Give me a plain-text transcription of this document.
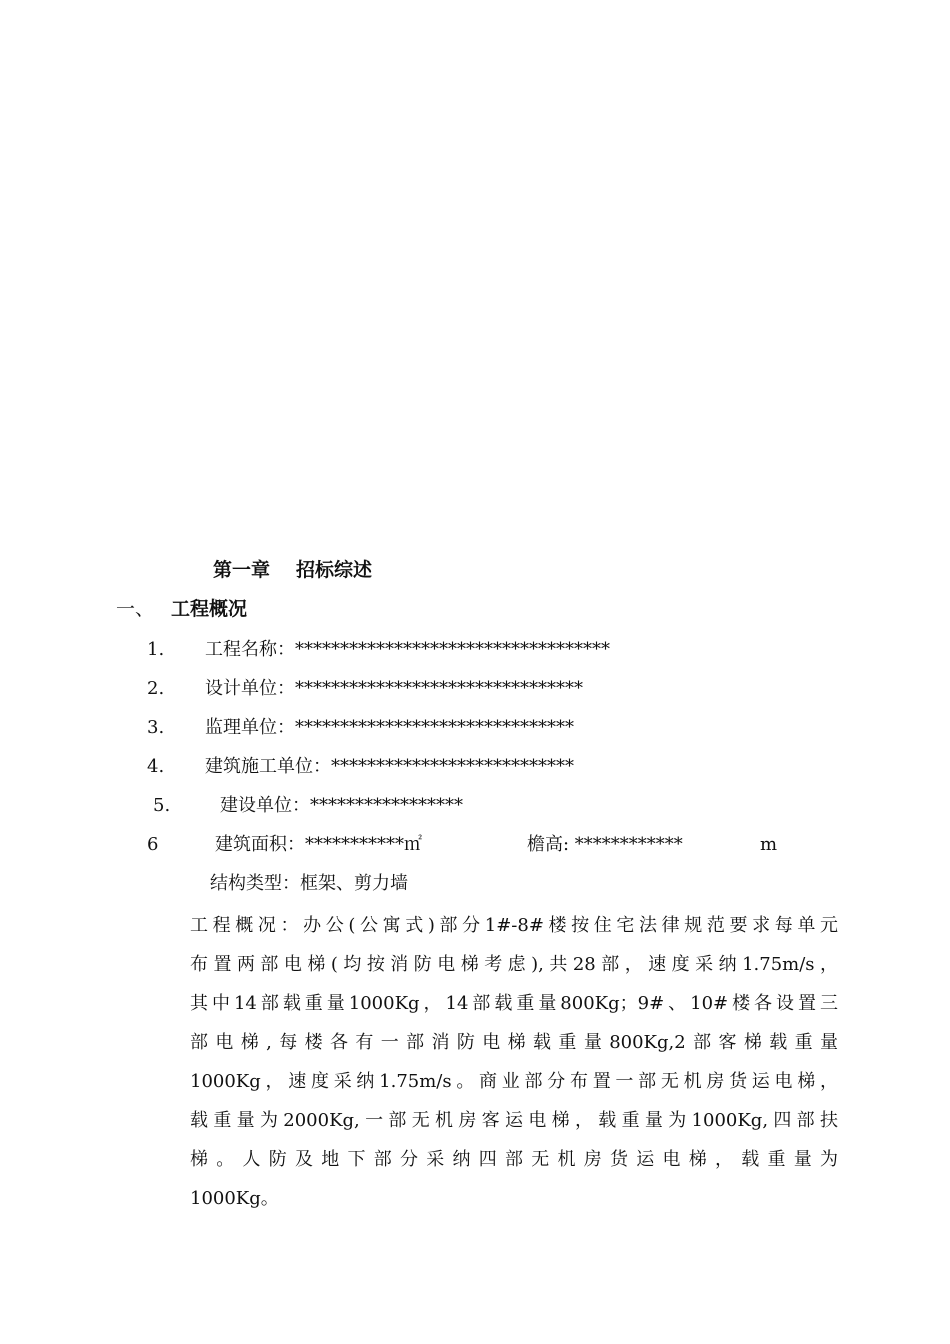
第一章 招标综述
一、 工程概况
1. 工程名称：***********************************
2. 设计单位：********************************
3. 监理单位：*******************************
4. 建筑施工单位：***************************
5.	建设单位：*****************
6	建筑面积：***********㎡	檐高: ************	m
结构类型：框架、剪力墙
工程概况：办公(公寓式)部分1#-8#楼按住宅法律规范要求每单元
布置两部电梯(均按消防电梯考虑),共28部，速度采纳1.75m/s，
其中14部载重量1000Kg，14部载重量800Kg；9#、10#楼各设置三
部电梯,每楼各有一部消防电梯载重量800Kg,2部客梯载重量
1000Kg，速度采纳1.75m/s。商业部分布置一部无机房货运电梯，
载重量为2000Kg,一部无机房客运电梯，载重量为1000Kg,四部扶
梯。人防及地下部分采纳四部无机房货运电梯，载重量为
1000Kg。
